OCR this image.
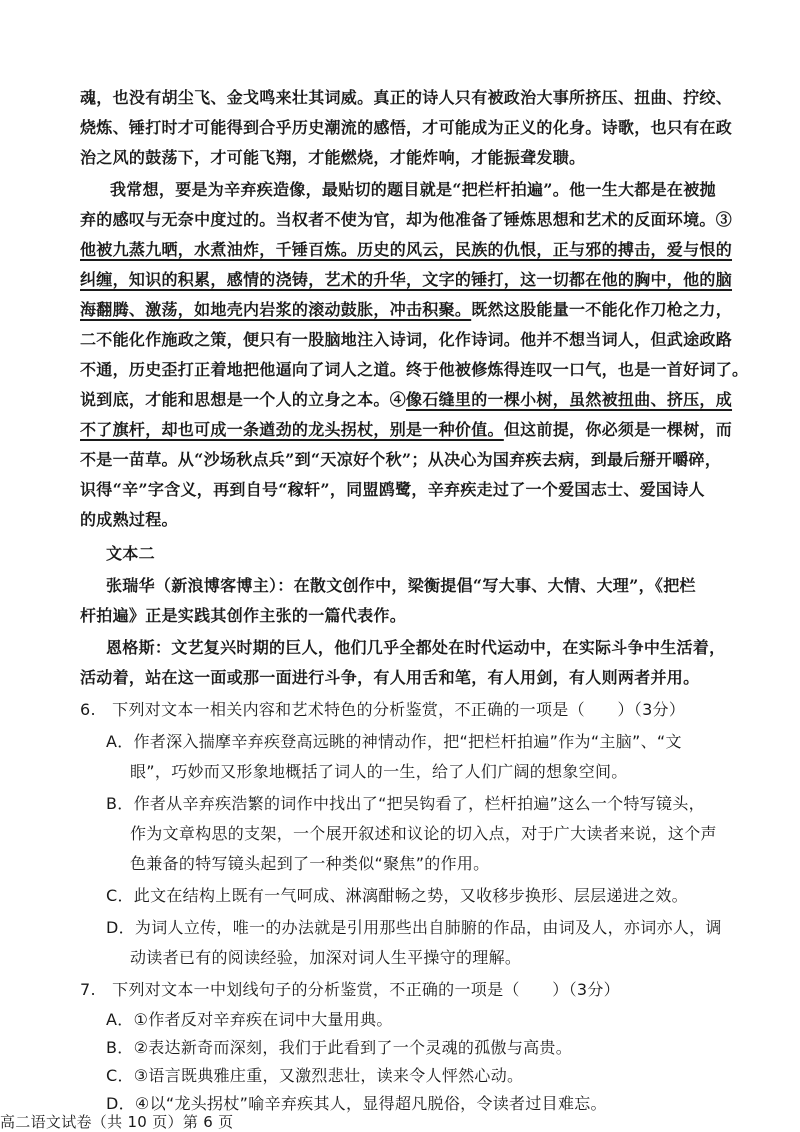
魂，也没有胡尘飞、金戈鸣来壮其词威。真正的诗人只有被政治大事所挤压、扭曲、拧绞、
烧炼、锤打时才可能得到合乎历史潮流的感悟，才可能成为正义的化身。诗歌，也只有在政
治之风的鼓荡下，才可能飞翔，才能燃烧，才能炸响，才能振聋发聩。
我常想，要是为辛弃疾造像，最贴切的题目就是“把栏杆拍遍”。他一生大都是在被抛
弃的感叹与无奈中度过的。当权者不使为官，却为他准备了锤炼思想和艺术的反面环境。③
他被九蒸九晒，水煮油炸，千锤百炼。历史的风云，民族的仇恨，正与邪的搏击，爱与恨的
纠缠，知识的积累，感情的浇铸，艺术的升华，文字的锤打，这一切都在他的胸中，他的脑
海翻腾、激荡，如地壳内岩浆的滚动鼓胀，冲击积聚。既然这股能量一不能化作刀枪之力，
二不能化作施政之策，便只有一股脑地注入诗词，化作诗词。他并不想当词人，但武途政路
不通，历史歪打正着地把他逼向了词人之道。终于他被修炼得连叹一口气，也是一首好词了。
说到底，才能和思想是一个人的立身之本。④像石缝里的一棵小树，虽然被扭曲、挤压，成
不了旗杆，却也可成一条遒劲的龙头拐杖，别是一种价值。但这前提，你必须是一棵树，而
不是一苗草。从“沙场秋点兵”到“天凉好个秋”；从决心为国弃疾去病，到最后掰开嚼碎，
识得“辛”字含义，再到自号“稼轩”，同盟鸥鹭，辛弃疾走过了一个爱国志士、爱国诗人
的成熟过程。
文本二
张瑞华（新浪博客博主）：在散文创作中，梁衡提倡“写大事、大情、大理”，《把栏
杆拍遍》正是实践其创作主张的一篇代表作。
恩格斯：文艺复兴时期的巨人，他们几乎全都处在时代运动中，在实际斗争中生活着，
活动着，站在这一面或那一面进行斗争，有人用舌和笔，有人用剑，有人则两者并用。
6.　下列对文本一相关内容和艺术特色的分析鉴赏，不正确的一项是（　　）（3分）
A．作者深入揣摩辛弃疾登高远眺的神情动作，把“把栏杆拍遍”作为“主脑”、“文
眼”，巧妙而又形象地概括了词人的一生，给了人们广阔的想象空间。
B．作者从辛弃疾浩繁的词作中找出了“把吴钩看了，栏杆拍遍”这么一个特写镜头，
作为文章构思的支架，一个展开叙述和议论的切入点，对于广大读者来说，这个声
色兼备的特写镜头起到了一种类似“聚焦”的作用。
C．此文在结构上既有一气呵成、淋漓酣畅之势，又收移步换形、层层递进之效。
D．为词人立传，唯一的办法就是引用那些出自肺腑的作品，由词及人，亦词亦人，调
动读者已有的阅读经验，加深对词人生平操守的理解。
7.　下列对文本一中划线句子的分析鉴赏，不正确的一项是（　　）（3分）
A．①作者反对辛弃疾在词中大量用典。
B．②表达新奇而深刻，我们于此看到了一个灵魂的孤傲与高贵。
C．③语言既典雅庄重，又激烈悲壮，读来令人怦然心动。
D．④以“龙头拐杖”喻辛弃疾其人，显得超凡脱俗，令读者过目难忘。
高二语文试卷（共 10 页）第 6 页
